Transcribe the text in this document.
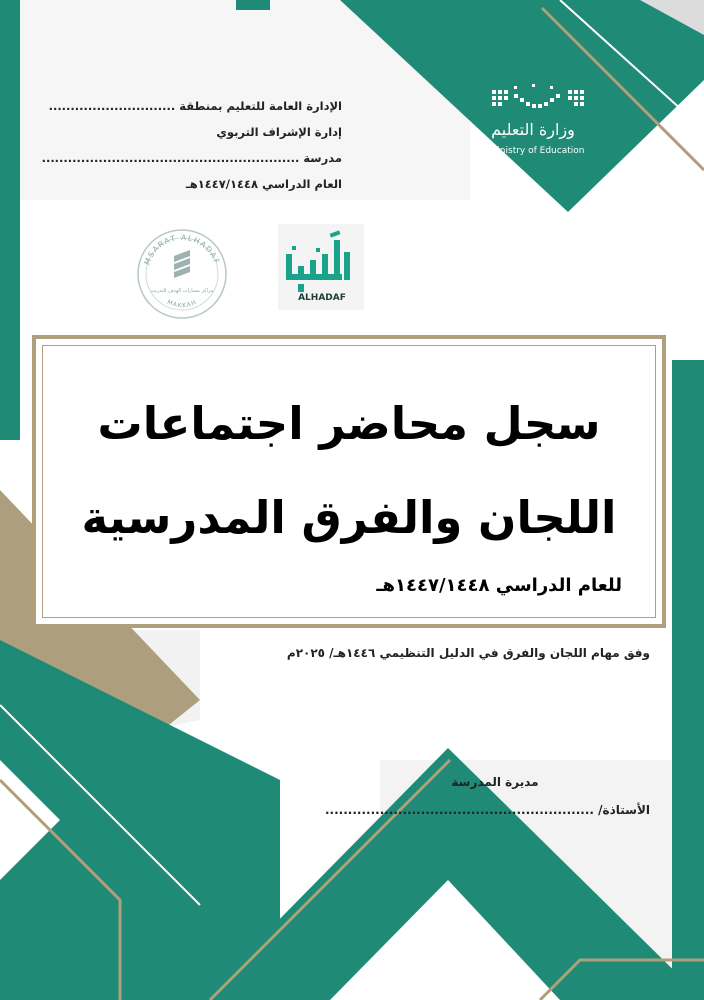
الإدارة العامة للتعليم بمنطقة .............................
إدارة الإشراف التربوي
مدرسة ...........................................................
العام الدراسي ١٤٤٧/١٤٤٨هـ
وزارة التعليم
Ministry of Education
MSARAT ALHADAF
MAKKAH
مراكز مسارات الهدف للتدريب
ALHADAF
سجل محاضر اجتماعات
اللجان والفرق المدرسية
للعام الدراسي ١٤٤٧/١٤٤٨هـ
وفق مهام اللجان والفرق في الدليل التنظيمي ١٤٤٦هـ/ ٢٠٢٥م
مديرة المدرسة
الأستاذة/ ...........................................................
